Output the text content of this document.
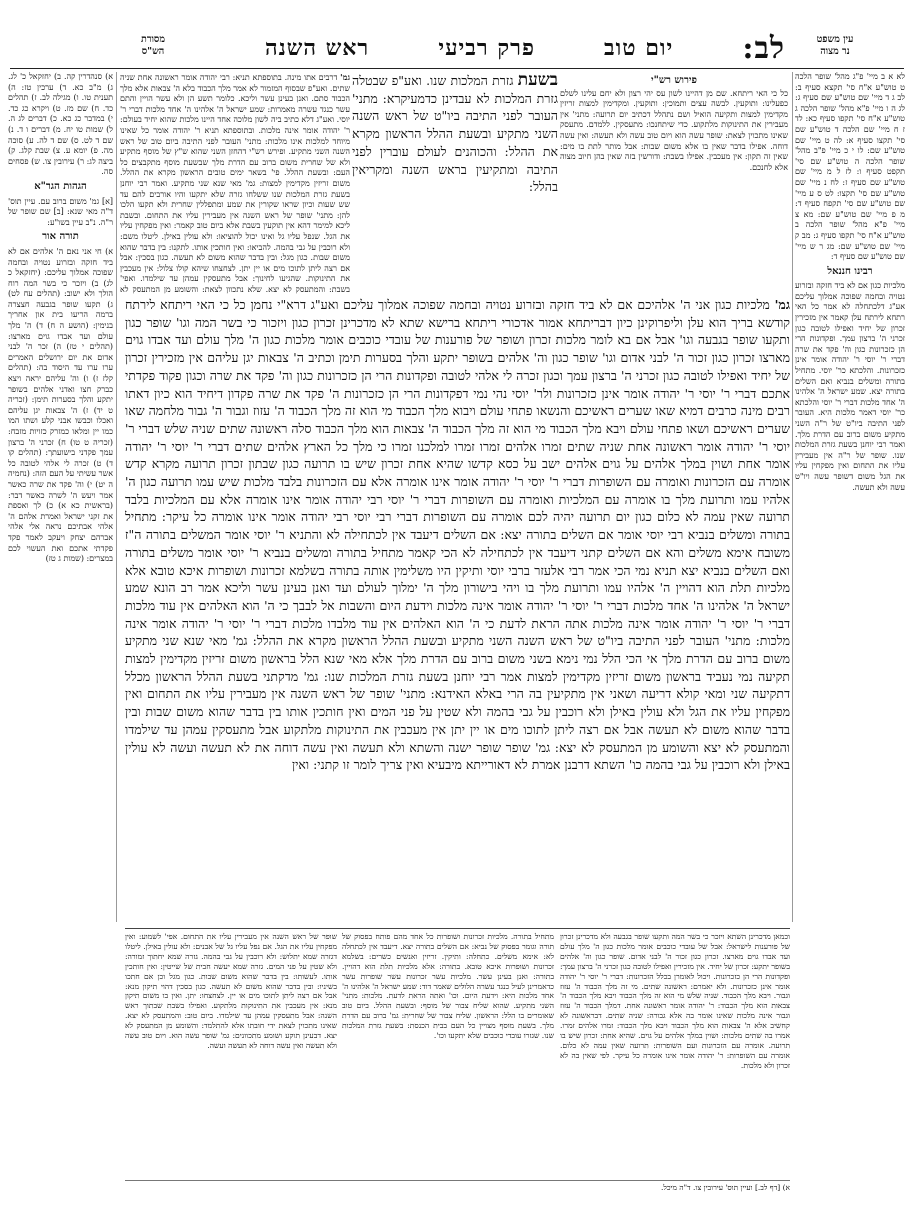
עין משפט
נר מצוה
לב:
יום טוב
פרק רביעי
ראש השנה
מסורת
הש"ס
לא א ב מיי' פ"ג מהל' שופר הלכה ט טוש"ע א"ח סי' תקצא סעיף ב: לב ג ד מיי' שם טוש"ע שם סעיף ג: לג ה ו מיי' פ"א מהל' שופר הלכה ג טוש"ע א"ח סי' תקפו סעיף כא: לד ז ח מיי' שם הלכה ד טוש"ע שם סי' תקצו סעיף א: לה ט מיי' שם טוש"ע שם: לו י כ מיי' פ"ב מהל' שופר הלכה ה טוש"ע שם סי' תקפט סעיף ו: לז ל מ מיי' שם טוש"ע שם סעיף ז: לח נ מיי' שם טוש"ע שם סי' תקצו: לט ס ע מיי' שם טוש"ע שם סי' תקפח סעיף ד: מ פ מיי' שם טוש"ע שם: מא צ מיי' פ"א מהל' שופר הלכה ב טוש"ע א"ח סי' תקפו סעיף ג: מב ק מיי' שם טוש"ע שם: מג ר ש מיי' שם טוש"ע שם סעיף ד:
רבינו חננאל
מלכיות כגון אם לא ביד חזקה ובזרוע נטויה ובחמה שפוכה אמלוך עליכם אע"ג דלכתחלה לא אמר כל האי רתחא לירתח עלן קאמר אין מזכירין זכרון של יחיד ואפילו לטובה כגון זכרני ה' ברצון עמך. ופקדונות הרי הן כזכרונות כגון וה' פקד את שרה דברי ר' יוסי ר' יהודה אומר אינן כזכרונות. והלכתא כר' יוסי. מתחיל בתורה ומשלים בנביא ואם השלים בתורה יצא. שמע ישראל ה' אלהינו ה' אחד מלכות דברי ר' יוסי והלכתא כר' יוסי דאמר מלכות היא. העובר לפני התיבה ביו"ט של ר"ה השני מתקיע משום ברוב עם הדרת מלך. ואמר רבי יוחנן בשעת גזרת המלכות שנו. שופר של ר"ה אין מעבירין עליו את התחום ואין מפקחין עליו את הגל משום דשופר עשה ויו"ט עשה ולא תעשה.
פירוש רש"י
כל כי האי ריתחא. שם מן דהיינו לשון עס יהי רצון ולא יחם עלינו לשלם כפעלינו: ותוקעין. לבשה עצים ותמוכין: ותוקעין. ומקדימין למצות זריזין מקדימין למצות ותקיעה הואיל ושם נתהלל דכתיב יום תרועה: מתני' אין מעבירין את התינוקות מלתקוע. כדי שיתחנכו: מתעסקין. ללמדם. מתעסק שאינו מתכוין לצאת: שופר עשה הוא ויום טוב עשה ולא תעשה: ואין עשה דוחה. אפילו בדבר שאין בו אלא משום שבות: אבל מותר לתת בו מים: שאין זה תקון: אין מעכבין. אפילו בשבת: ודורשין בזה שאין בהן חיוב מצוה אלא לחנכם.
בשעת גזרת המלכות שנו. ואע"פ שבטלה גזרת המלכות לא עבדינן כדמעיקרא: מתני' העובר לפני התיבה ביו"ט של ראש השנה השני מתקיע ובשעת ההלל הראשון מקרא את ההלל: והכוהנים לעולם עוברין לפני התיבה ומתקיעין בראש השנה ומקריאין בהלל:
גמ' מלכיות כגון אני ה' אלהיכם אם לא ביד חזקה ובזרוע נטויה ובחמה שפוכה אמלוך עליכם ואע"ג דרא"י נחמן כל כי האי ריתחא לירתח קודשא בריך הוא עלן וליפרוקינן כיון דבריתחא אמור אדכורי ריתחא ברישא שתא לא מדכרינן זכרון כגון ויזכור כי בשר המה וגו' שופר כגון ותקעו שופר בגבעה וגו' אבל אם בא לומר מלכות זכרון ושופר של פורענות של עובדי כוכבים אומר מלכות כגון ה' מלך עולם ועד אבדו גוים מארצו זכרון כגון זכור ה' לבני אדום וגו' שופר כגון וה' אלהים בשופר יתקע והלך בסערות תימן וכתיב ה' צבאות יגן עליהם אין מזכירין זכרון של יחיד ואפילו לטובה כגון זכרני ה' ברצון עמך וכגון זכרה לי אלהי לטובה ופקדונות הרי הן כזכרונות כגון וה' פקד את שרה וכגון פקוד פקדתי אתכם דברי ר' יוסי ר' יהודה אומר אינן כזכרונות ולר' יוסי נהי נמי דפקדונות הרי הן כזכרונות ה' פקד את שרה פקדון דיחיד הוא כיון דאתו רבים מינה כרבים דמיא שאו שערים ראשיכם והנשאו פתחי עולם ויבוא מלך הכבוד מי הוא זה מלך הכבוד ה' עזוז וגבור ה' גבור מלחמה שאו שערים ראשיכם ושאו פתחי עולם ויבא מלך הכבוד מי הוא זה מלך הכבוד ה' צבאות הוא מלך הכבוד סלה ראשונה שתים שניה שלש דברי ר' יוסי ר' יהודה אומר ראשונה אחת שניה שתים זמרו אלהים זמרו זמרו למלכנו זמרו כי מלך כל הארץ אלהים שתים דברי ר' יוסי ר' יהודה אומר אחת ושוין במלך אלהים על גוים אלהים ישב על כסא קדשו שהיא אחת זכרון שיש בו תרועה כגון שבתון זכרון תרועה מקרא קדש אומרה עם הזכרונות ואומרה עם השופרות דברי ר' יוסי ר' יהודה אומר אינו אומרה אלא עם הזכרונות בלבד מלכות שיש עמו תרועה כגון ה' אלהיו עמו ותרועת מלך בו אומרה עם המלכיות ואומרה עם השופרות דברי ר' יוסי רבי יהודה אומר אינו אומרה אלא עם המלכיות בלבד תרועה שאין עמה לא כלום כגון יום תרועה יהיה לכם אומרה עם השופרות דברי רבי יוסי רבי יהודה אומר אינו אומרה כל עיקר: מתחיל בתורה ומשלים בנביא רבי יוסי אומר אם השלים בתורה יצא: אם השלים דיעבד אין לכתחילה לא והתניא ר' יוסי אומר המשלים בתורה ה"ז משובח אימא משלים והא אם השלים קתני דיעבד אין לכתחילה לא הכי קאמר מתחיל בתורה ומשלים בנביא ר' יוסי אומר משלים בתורה ואם השלים בנביא יצא תניא נמי הכי אמר רבי אלעזר ברבי יוסי ותיקין היו משלימין אותה בתורה בשלמא זכרונות ושופרות איכא טובא אלא מלכיות תלת הוא דהויין ה' אלהיו עמו ותרועת מלך בו ויהי בישורון מלך ה' ימלוך לעולם ועד ואנן בעינן עשר וליכא אמר רב הונא שמע ישראל ה' אלהינו ה' אחד מלכות דברי ר' יוסי ר' יהודה אומר אינה מלכות וידעת היום והשבות אל לבבך כי ה' הוא האלהים אין עוד מלכות דברי ר' יוסי ר' יהודה אומר אינה מלכות אתה הראת לדעת כי ה' הוא האלהים אין עוד מלבדו מלכות דברי ר' יוסי ר' יהודה אומר אינה מלכות: מתני' העובר לפני התיבה ביו"ט של ראש השנה השני מתקיע ובשעת ההלל הראשון מקרא את ההלל: גמ' מאי שנא שני מתקיע משום ברוב עם הדרת מלך אי הכי הלל נמי נימא בשני משום ברוב עם הדרת מלך אלא מאי שנא הלל בראשון משום זריזין מקדימין למצות תקיעה נמי נעביד בראשון משום זריזין מקדימין למצות אמר רבי יוחנן בשעת גזרת המלכות שנו: גמ' מדקתני בשעת ההלל הראשון מכלל דתקיעה שני ומאי קולא דריעה ושאני אין מתקיעין בה הרי באלא האידנא: מתני' שופר של ראש השנה אין מעבירין עליו את התחום ואין מפקחין עליו את הגל ולא עולין באילן ולא רוכבין על גבי בהמה ולא שטין על פני המים ואין חותכין אותו בין בדבר שהוא משום שבות ובין בדבר שהוא משום לא תעשה אבל אם רצה ליתן לתוכו מים או יין יתן אין מעכבין את התינוקות מלתקוע אבל מתעסקין עמהן עד שילמדו והמתעסק לא יצא והשומע מן המתעסק לא יצא: גמ' שופר שופר ישנה והשתא ולא תעשה ואין עשה דוחה את לא תעשה ועשה לא עולין באילן ולא רוכבין על גבי בהמה כו' השתא דרבנן אמרת לא דאורייתא מיבעיא ואין צריך לומר זו קתני: ואין
גמ' דרבים אתו מינה. בתוספתא תניא: רבי יהודה אומר ראשונה אחת שניה שתים. ואע"פ שבסוף המזמור לא אמר מלך הכבוד בלא ה' צבאות אלא מלך הכבוד סתם. ואנן בעינן עשר וליכא. כלומר תשע הן ולא עשר הויין והתם עשר כנגד עשרה מאמרות: שמע ישראל ה' אלהינו ה' אחד מלכות דברי ר' יוסי. ואע"ג דלא כתיב ביה לשון מלוכה אחד היינו מלכות שהוא יחיד בעולם: ר' יהודה אומר אינה מלכות. ובתוספתא תניא ר' יהודה אומר כל שאינו מיוחד למלכות אינו מלכות: מתני' העובר לפני התיבה ביום טוב של ראש השנה השני מתקיע. ופירש רש"י דהחזן השני שהוא ש"ץ של מוסף מתקיע ולא של שחרית משום ברוב עם הדרת מלך שבשעת מוסף מתקבצים כל העם: ובשעת ההלל. פי' בשאר ימים טובים הראשון מקרא את ההלל. משום זריזין מקדימין למצות: גמ' מאי שנא שני מתקיע. ואמר רבי יוחנן בשעת גזרת המלכות שנו ששלחו גזרה שלא יתקעו והיו אורבים להם עד שש שעות וכיון שראו שקורין את שמע ומתפללין שחרית ולא תקעו הלכו להן: מתני' שופר של ראש השנה אין מעבירין עליו את התחום. ובשבת ליכא למימר דהא אין תוקעין בשבת אלא ביום טוב קאמר: ואין מפקחין עליו את הגל. שנפל עליו גל ואינו יכול להוציאו: ולא עולין באילן. ליטלו משם: ולא רוכבין על גבי בהמה. להביאו: ואין חותכין אותו. לתקנו: בין בדבר שהוא משום שבות. כגון מגל: ובין בדבר שהוא משום לא תעשה. כגון בסכין: אבל אם רצה ליתן לתוכו מים או יין יתן. לצחצחו שיהא קולו צלול: אין מעכבין את התינוקות. שהגיעו לחינוך: אבל מתעסקין עמהן עד שילמדו. ואפי' בשבת: והמתעסק לא יצא. שלא נתכוון לצאת: והשומע מן המתעסק לא
א) סנהדרין קה. ב) יחזקאל כ' לג. ג) מ"ב כא. ד) ערכין טז: ה) תענית טו. ו) מגילה לב. ז) תהלים כד. ח) שם מז. ט) ויקרא כג כד. י) במדבר כג כא. כ) דברים לג ה. ל) שמות טו יח. מ) דברים ו ד. נ) שם ד לט. ס) שם ד לה. ע) סוכה מה. פ) יומא ע. צ) שבת קלג. ק) ביצה לג: ר) עירובין צו. ש) פסחים סה.
הגהות הגר"א
[א] גמ' משום ברוב עם. עיין תוס' ד"ה מאי שנא: [ב] שם שופר של ר"ה. נ"ב עיין בשו"ע:
תורה אור
א) חי אני נאם ה' אלהים אם לא ביד חזקה ובזרוע נטויה ובחמה שפוכה אמלוך עליכם: (יחזקאל כ לג) ב) ויזכר כי בשר המה רוח הולך ולא ישוב: (תהלים עח לט) ג) תקעו שופר בגבעה חצצרה ברמה הריעו בית און אחריך בנימין: (הושע ה ח) ד) ה' מלך עולם ועד אבדו גוים מארצו: (תהלים י טז) ה) זכר ה' לבני אדום את יום ירושלים האמרים ערו ערו עד היסוד בה: (תהלים קלז ז) ו) וה' עליהם יראה ויצא כברק חצו ואדני אלהים בשופר יתקע והלך בסערות תימן: (זכריה ט יד) ז) ה' צבאות יגן עליהם ואכלו וכבשו אבני קלע ושתו המו כמו יין ומלאו כמזרק כזויות מזבח: (זכריה ט טו) ח) זכרני ה' ברצון עמך פקדני בישועתך: (תהלים קו ד) ט) זכרה לי אלהי לטובה כל אשר עשיתי על העם הזה: (נחמיה ה יט) י) וה' פקד את שרה כאשר אמר ויעש ה' לשרה כאשר דבר: (בראשית כא א) כ) לך ואספת את זקני ישראל ואמרת אלהם ה' אלהי אבתיכם נראה אלי אלהי אברהם יצחק ויעקב לאמר פקד פקדתי אתכם ואת העשוי לכם במצרים: (שמות ג טז)
וכמאן מדכרינן השתא ויזכר כי בשר המה ותקעו שופר בגבעה ולא מדכרינן זכרון של פורענות לישראל: אבל של עובדי כוכבים אומר מלכות כגון ה' מלך עולם ועד אבדו גוים מארצו. זכרון כגון זכור ה' לבני אדום. שופר כגון וה' אלהים בשופר יתקע: זכרון של יחיד. אין מזכירין ואפילו לטובה כגון זכרני ה' ברצון עמך: ופקדונות הרי הן כזכרונות. ויכול לאומרן בכלל הזכרונות: דברי ר' יוסי ר' יהודה אומר אינן כזכרונות. ולא יאמרם: ראשונה שתים. מי זה מלך הכבוד ה' עזוז וגבור. ויבא מלך הכבוד. שניה שלש מי הוא זה מלך הכבוד ויבא מלך הכבוד ה' צבאות הוא מלך הכבוד: ר' יהודה אומר ראשונה אחת. דמלך הכבוד ה' עזוז וגבור אינה מלכות שאינו אומר בה אלא גבורה: שניה שתים. דבראשונה לא קחשיב אלא ה' צבאות הוא מלך הכבוד ויבא מלך הכבוד: זמרו אלהים זמרו. אמרו בה שתים מלכות: ושוין במלך אלהים על גוים. שהיא אחת: זכרון שיש בו תרועה. אומרה עם הזכרונות ועם השופרות: תרועה שאין עמה לא כלום. אומרה עם השופרות: ר' יהודה אומר אינו אומרה כל עיקר. לפי שאין בה לא זכרון ולא מלכות.
מתחיל בתורה. מלכיות זכרונות ושופרות כל אחד מהם פותח בפסוק של תורה וגומר בפסוק של נביא: אם השלים בתורה יצא. דיעבד אין לכתחלה לא: אימא משלים. כתחלה: ותיקין. זריזין ואנשים כשרים: בשלמא זכרונות ושופרות איכא טובא. בתורה: אלא מלכיות תלת הוא דהויין. בתורה: ואנן בעינן עשר. מלכיות עשר זכרונות עשר שופרות עשר כדאמרינן לעיל כנגד עשרה הלולים שאמר דוד: שמע ישראל ה' אלהינו ה' אחד מלכות היא: וידעת היום. וכו' ואתה הראת לדעת. מלכות: מתני' השני מתקיע. שהוא שליח צבור של מוסף: ובשעת ההלל. ביום טוב שאומרים בו הלל: הראשון. שליח צבור של שחרית: גמ' ברוב עם הדרת מלך. בשעת מוסף מצויין כל העם בבית הכנסת: בשעת גזרת המלכות שנו. שגזרו עובדי כוכבים שלא יתקעו וכו'.
שופר של ראש השנה אין מעבירין עליו את התחום. אפי' לשמוע: ואין מפקחין עליו את הגל. אם נפל עליו גל של אבנים: ולא עולין באילן. ליטלו דגזרה שמא יתלוש: ולא רוכבין על גבי בהמה. גזרה שמא יחתוך זמורה: ולא שטין על פני המים. גזרה שמא יעשה חבית של שייטין: ואין חותכין אותו. לעשותו: בין בדבר שהוא משום שבות. כגון מגל וכן אם חתכו בשיניו: ובין בדבר שהוא משום לא תעשה. כגון בסכין דהוי תיקון מנא: אבל אם רצה ליתן לתוכו מים או יין. לצחצחו: יתן. ואין בו משום תיקון מנא: אין מעכבין את התינוקות מלתקוע. ואפילו בשבת שבתוך ראש השנה: אבל מתעסקין עמהן עד שילמדו. ביום טוב: והמתעסק לא יצא. שאינו מתכוין לצאת ידי חובתו אלא להתלמד: והשומע מן המתעסק לא יצא. דבעינן תוקע ושומע מתכוונים: גמ' שופר עשה הוא. ויום טוב עשה ולא תעשה ואין עשה דוחה לא תעשה ועשה.
א) [דף לב.] ועיין תוס' עירובין צו. ד"ה מיכל.
